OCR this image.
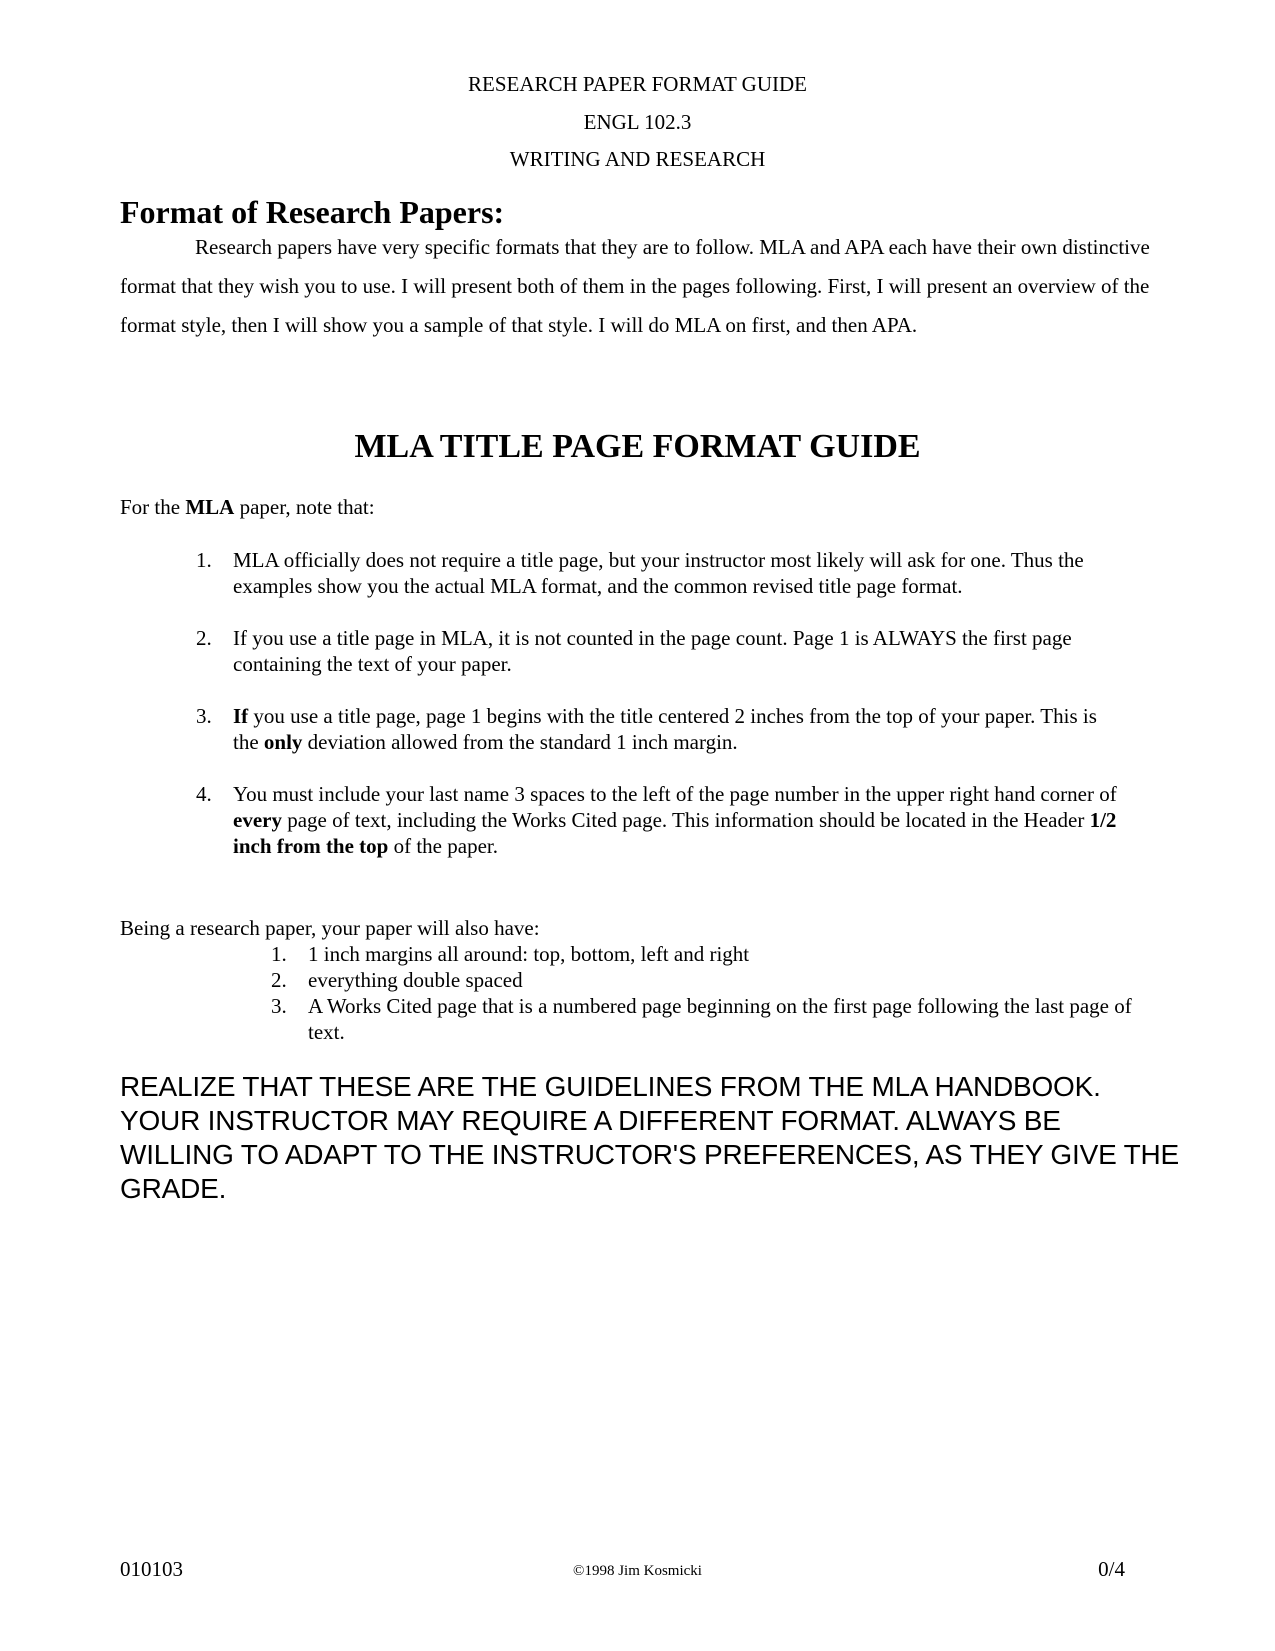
RESEARCH PAPER FORMAT GUIDE
ENGL 102.3
WRITING AND RESEARCH
Format of Research Papers:

Research papers have very specific formats that they are to follow. MLA and APA each have their own distinctive format that they wish you to use. I will present both of them in the pages following. First, I will present an overview of the format style, then I will show you a sample of that style. I will do MLA on first, and then APA.

MLA TITLE PAGE FORMAT GUIDE

For the MLA paper, note that:

1. MLA officially does not require a title page, but your instructor most likely will ask for one. Thus the examples show you the actual MLA format, and the common revised title page format.
2. If you use a title page in MLA, it is not counted in the page count. Page 1 is ALWAYS the first page containing the text of your paper.
3. If you use a title page, page 1 begins with the title centered 2 inches from the top of your paper. This is the only deviation allowed from the standard 1 inch margin.
4. You must include your last name 3 spaces to the left of the page number in the upper right hand corner of every page of text, including the Works Cited page. This information should be located in the Header 1/2 inch from the top of the paper.

Being a research paper, your paper will also have:

1. 1 inch margins all around: top, bottom, left and right
2. everything double spaced
3. A Works Cited page that is a numbered page beginning on the first page following the last page of text.

REALIZE THAT THESE ARE THE GUIDELINES FROM THE MLA HANDBOOK. YOUR INSTRUCTOR MAY REQUIRE A DIFFERENT FORMAT. ALWAYS BE WILLING TO ADAPT TO THE INSTRUCTOR'S PREFERENCES, AS THEY GIVE THE GRADE.

010103	©1998 Jim Kosmicki	0/4
